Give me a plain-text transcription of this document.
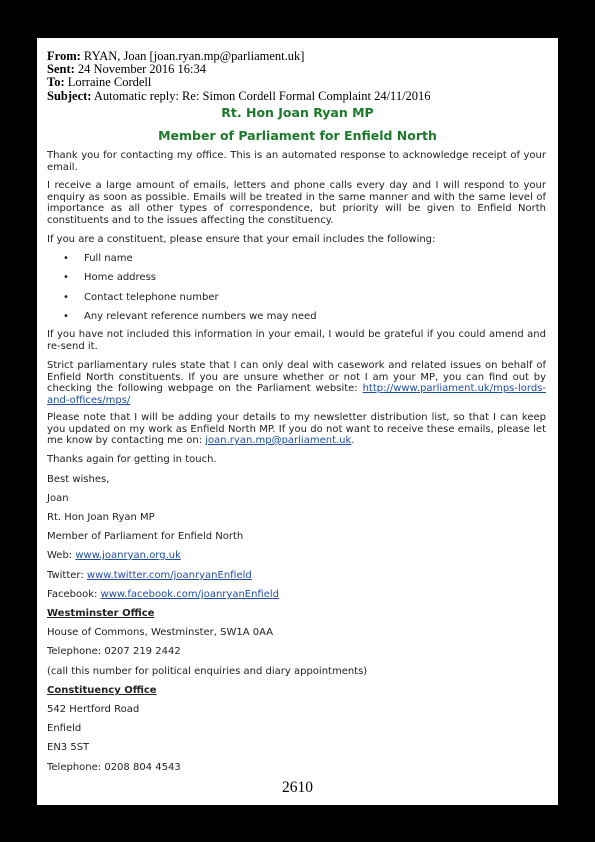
From: RYAN, Joan [joan.ryan.mp@parliament.uk]
Sent: 24 November 2016 16:34
To: Lorraine Cordell
Subject: Automatic reply: Re: Simon Cordell Formal Complaint 24/11/2016
Rt. Hon Joan Ryan MP
Member of Parliament for Enfield North
Thank you for contacting my office. This is an automated response to acknowledge receipt of your email.
I receive a large amount of emails, letters and phone calls every day and I will respond to your enquiry as soon as possible. Emails will be treated in the same manner and with the same level of importance as all other types of correspondence, but priority will be given to Enfield North constituents and to the issues affecting the constituency.
If you are a constituent, please ensure that your email includes the following:
• Full name
• Home address
• Contact telephone number
• Any relevant reference numbers we may need
If you have not included this information in your email, I would be grateful if you could amend and re-send it.
Strict parliamentary rules state that I can only deal with casework and related issues on behalf of Enfield North constituents. If you are unsure whether or not I am your MP, you can find out by checking the following webpage on the Parliament website: http://www.parliament.uk/mps-lords-and-offices/mps/
Please note that I will be adding your details to my newsletter distribution list, so that I can keep you updated on my work as Enfield North MP. If you do not want to receive these emails, please let me know by contacting me on: joan.ryan.mp@parliament.uk.
Thanks again for getting in touch.
Best wishes,
Joan
Rt. Hon Joan Ryan MP
Member of Parliament for Enfield North
Web: www.joanryan.org.uk
Twitter: www.twitter.com/joanryanEnfield
Facebook: www.facebook.com/joanryanEnfield
Westminster Office
House of Commons, Westminster, SW1A 0AA
Telephone: 0207 219 2442
(call this number for political enquiries and diary appointments)
Constituency Office
542 Hertford Road
Enfield
EN3 5ST
Telephone: 0208 804 4543
2610
